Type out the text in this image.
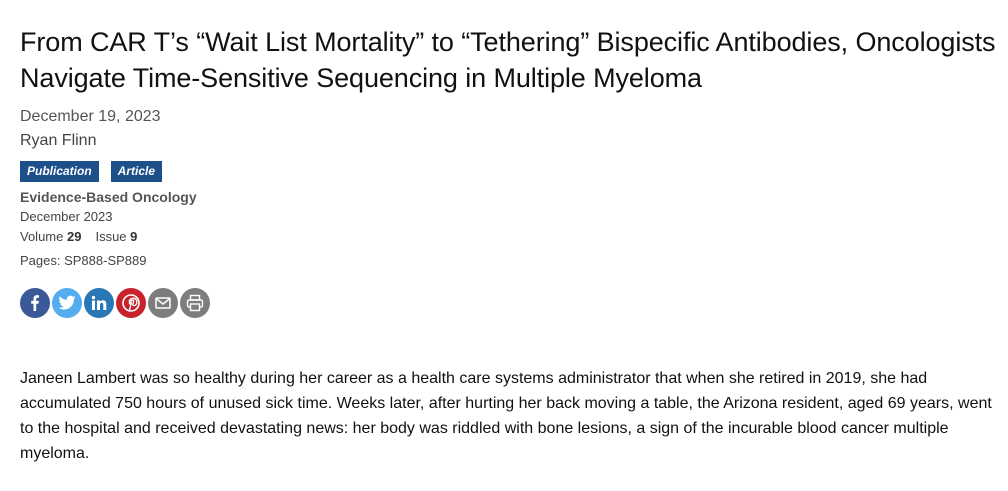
From CAR T’s “Wait List Mortality” to “Tethering” Bispecific Antibodies, Oncologists Navigate Time-Sensitive Sequencing in Multiple Myeloma
December 19, 2023
Ryan Flinn
Publication	Article
Evidence-Based Oncology
December 2023
Volume 29 Issue 9
Pages: SP888-SP889

Janeen Lambert was so healthy during her career as a health care systems administrator that when she retired in 2019, she had accumulated 750 hours of unused sick time. Weeks later, after hurting her back moving a table, the Arizona resident, aged 69 years, went to the hospital and received devastating news: her body was riddled with bone lesions, a sign of the incurable blood cancer multiple myeloma.
